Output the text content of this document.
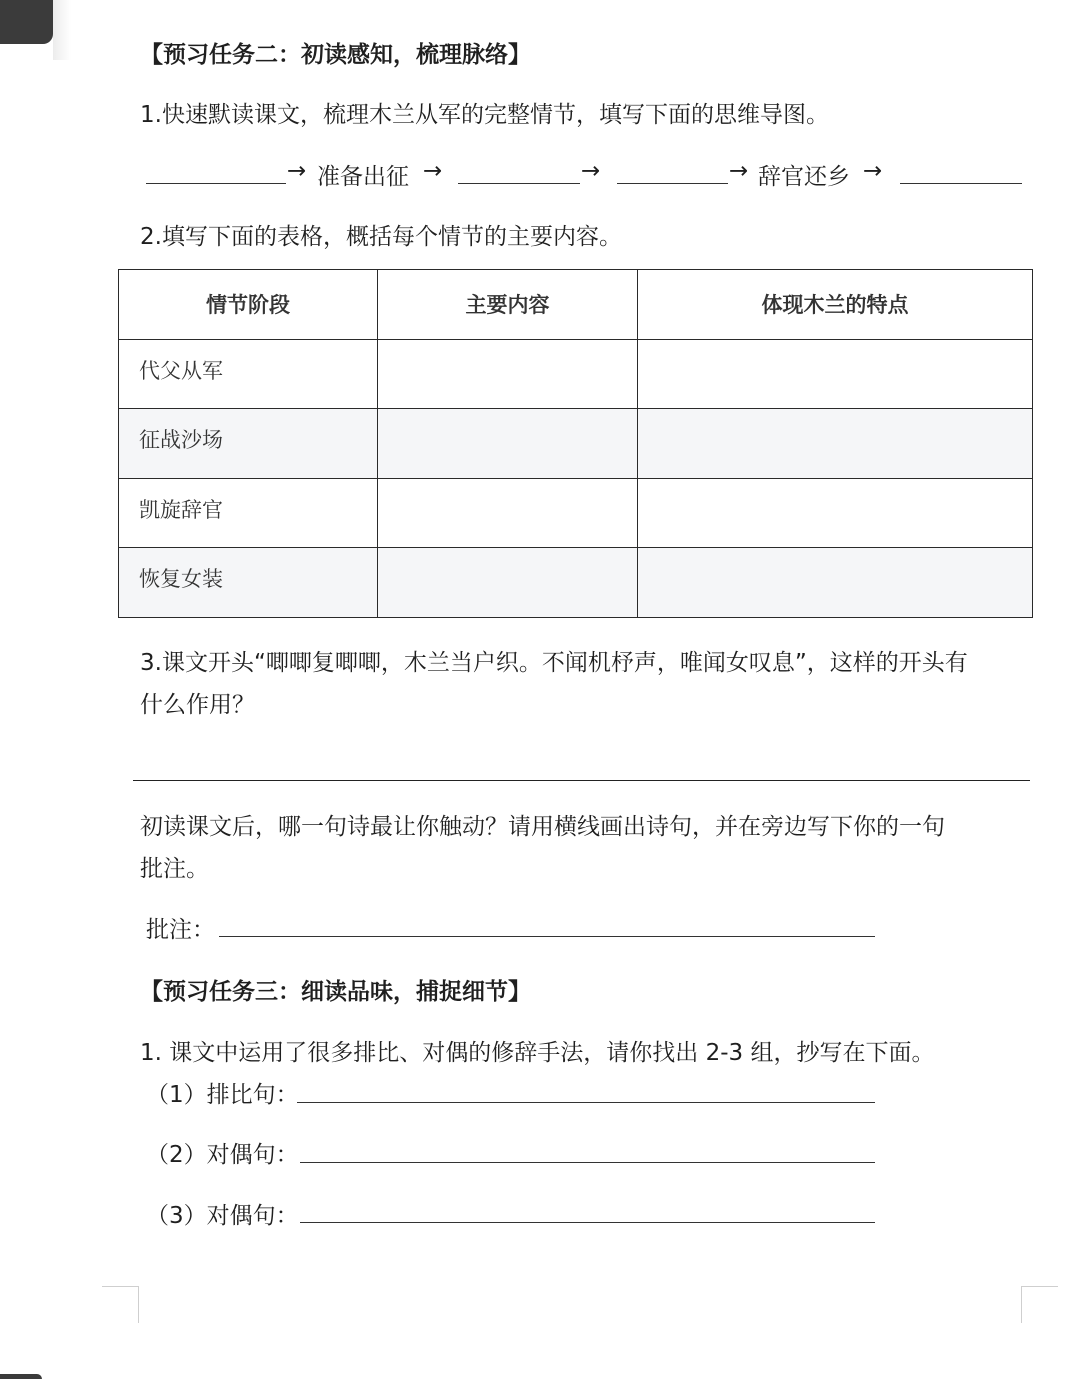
【预习任务二：初读感知，梳理脉络】
1.快速默读课文，梳理木兰从军的完整情节，填写下面的思维导图。
→ 准备出征 →	→	→ 辞官还乡 →
2.填写下面的表格，概括每个情节的主要内容。
情节阶段	主要内容	体现木兰的特点
代父从军		
征战沙场		
凯旋辞官		
恢复女装		
3.课文开头“唧唧复唧唧，木兰当户织。不闻机杼声，唯闻女叹息”，这样的开头有
什么作用？
初读课文后，哪一句诗最让你触动？请用横线画出诗句，并在旁边写下你的一句
批注。
批注：
【预习任务三：细读品味，捕捉细节】
1. 课文中运用了很多排比、对偶的修辞手法，请你找出 2-3 组，抄写在下面。
（1）排比句：
（2）对偶句：
（3）对偶句：
